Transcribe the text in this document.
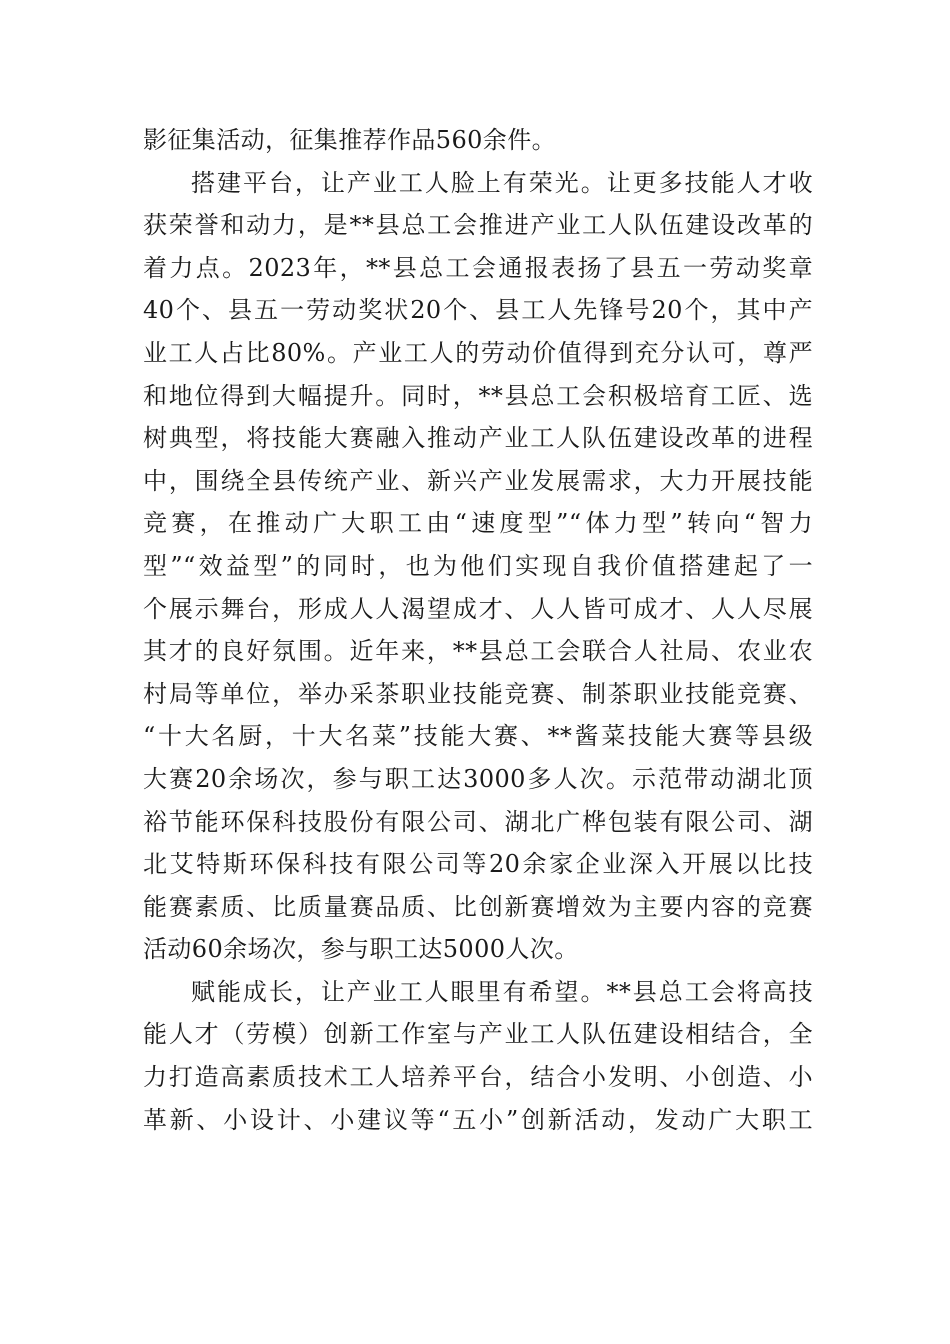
影征集活动，征集推荐作品560余件。
搭建平台，让产业工人脸上有荣光。让更多技能人才收
获荣誉和动力，是**县总工会推进产业工人队伍建设改革的
着力点。2023年，**县总工会通报表扬了县五一劳动奖章
40个、县五一劳动奖状20个、县工人先锋号20个，其中产
业工人占比80%。产业工人的劳动价值得到充分认可，尊严
和地位得到大幅提升。同时，**县总工会积极培育工匠、选
树典型，将技能大赛融入推动产业工人队伍建设改革的进程
中，围绕全县传统产业、新兴产业发展需求，大力开展技能
竞赛，在推动广大职工由“速度型”“体力型”转向“智力
型”“效益型”的同时，也为他们实现自我价值搭建起了一
个展示舞台，形成人人渴望成才、人人皆可成才、人人尽展
其才的良好氛围。近年来，**县总工会联合人社局、农业农
村局等单位，举办采茶职业技能竞赛、制茶职业技能竞赛、
“十大名厨，十大名菜”技能大赛、**酱菜技能大赛等县级
大赛20余场次，参与职工达3000多人次。示范带动湖北顶
裕节能环保科技股份有限公司、湖北广桦包装有限公司、湖
北艾特斯环保科技有限公司等20余家企业深入开展以比技
能赛素质、比质量赛品质、比创新赛增效为主要内容的竞赛
活动60余场次，参与职工达5000人次。
赋能成长，让产业工人眼里有希望。**县总工会将高技
能人才（劳模）创新工作室与产业工人队伍建设相结合，全
力打造高素质技术工人培养平台，结合小发明、小创造、小
革新、小设计、小建议等“五小”创新活动，发动广大职工
